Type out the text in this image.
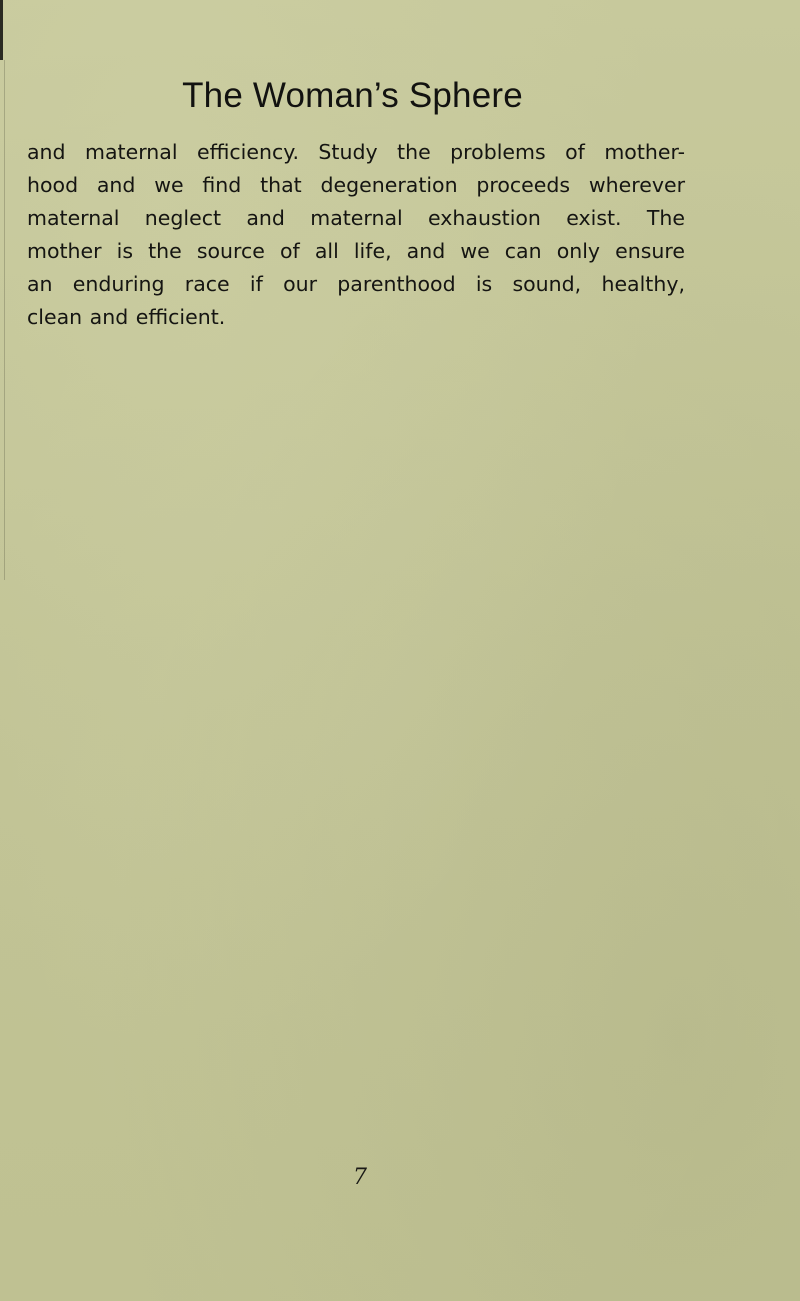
The Woman’s Sphere

and maternal efficiency. Study the problems of mother-
hood and we find that degeneration proceeds wherever
maternal neglect and maternal exhaustion exist. The
mother is the source of all life, and we can only ensure
an enduring race if our parenthood is sound, healthy,
clean and efficient.

7
